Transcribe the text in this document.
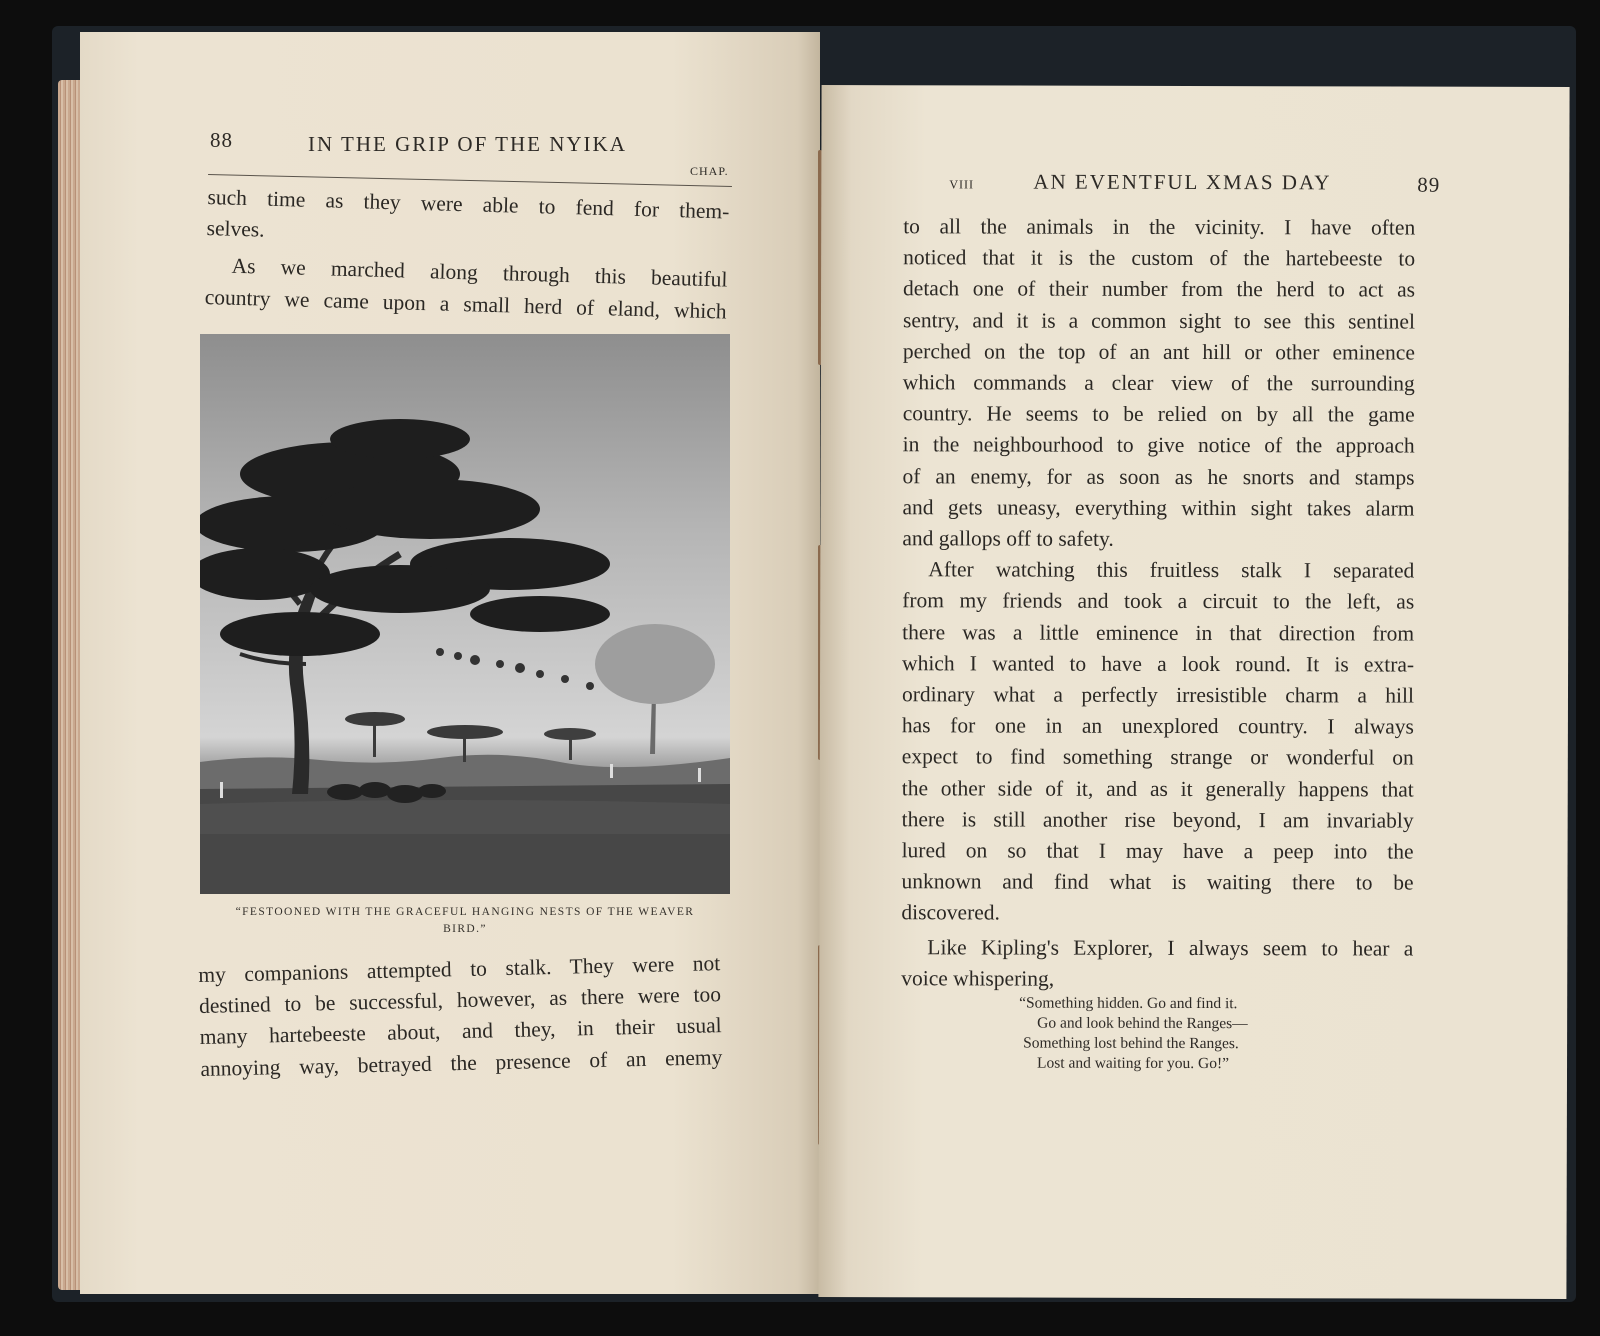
88	IN THE GRIP OF THE NYIKA
CHAP.
such time as they were able to fend for them-
selves.
As we marched along through this beautiful
country we came upon a small herd of eland, which
“FESTOONED WITH THE GRACEFUL HANGING NESTS OF THE WEAVER
BIRD.”
my companions attempted to stalk. They were not
destined to be successful, however, as there were too
many hartebeeste about, and they, in their usual
annoying way, betrayed the presence of an enemy
VIII	AN EVENTFUL XMAS DAY	89
to all the animals in the vicinity. I have often
noticed that it is the custom of the hartebeeste to
detach one of their number from the herd to act as
sentry, and it is a common sight to see this sentinel
perched on the top of an ant hill or other eminence
which commands a clear view of the surrounding
country. He seems to be relied on by all the game
in the neighbourhood to give notice of the approach
of an enemy, for as soon as he snorts and stamps
and gets uneasy, everything within sight takes alarm
and gallops off to safety.
After watching this fruitless stalk I separated
from my friends and took a circuit to the left, as
there was a little eminence in that direction from
which I wanted to have a look round. It is extra-
ordinary what a perfectly irresistible charm a hill
has for one in an unexplored country. I always
expect to find something strange or wonderful on
the other side of it, and as it generally happens that
there is still another rise beyond, I am invariably
lured on so that I may have a peep into the
unknown and find what is waiting there to be
discovered.
Like Kipling's Explorer, I always seem to hear a
voice whispering,
“Something hidden. Go and find it.
Go and look behind the Ranges—
Something lost behind the Ranges.
Lost and waiting for you. Go!”
